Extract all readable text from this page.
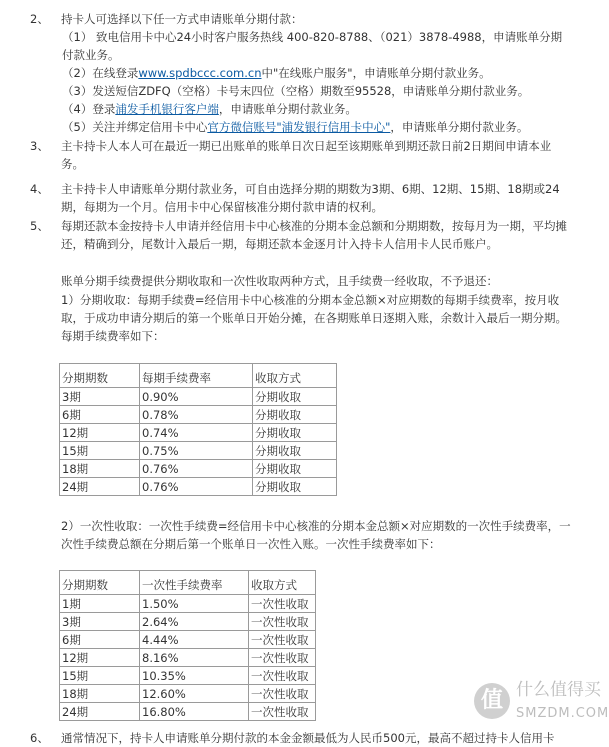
2、 持卡人可选择以下任一方式申请账单分期付款：
（1） 致电信用卡中心24小时客户服务热线 400-820-8788、（021）3878-4988，申请账单分期付款业务。
（2）在线登录www.spdbccc.com.cn中"在线账户服务"，申请账单分期付款业务。
（3）发送短信ZDFQ（空格）卡号末四位（空格）期数至95528，申请账单分期付款业务。
（4）登录浦发手机银行客户端，申请账单分期付款业务。
（5）关注并绑定信用卡中心官方微信账号"浦发银行信用卡中心"，申请账单分期付款业务。
3、 主卡持卡人本人可在最近一期已出账单的账单日次日起至该期账单到期还款日前2日期间申请本业务。
4、 主卡持卡人申请账单分期付款业务，可自由选择分期的期数为3期、6期、12期、15期、18期或24期，每期为一个月。信用卡中心保留核准分期付款申请的权利。
5、 每期还款本金按持卡人申请并经信用卡中心核准的分期本金总额和分期期数，按每月为一期，平均摊还，精确到分，尾数计入最后一期，每期还款本金逐月计入持卡人信用卡人民币账户。
账单分期手续费提供分期收取和一次性收取两种方式，且手续费一经收取，不予退还：
1）分期收取：每期手续费=经信用卡中心核准的分期本金总额×对应期数的每期手续费率，按月收取，于成功申请分期后的第一个账单日开始分摊，在各期账单日逐期入账，余数计入最后一期分期。每期手续费率如下：
分期期数	每期手续费率	收取方式
3期	0.90%	分期收取
6期	0.78%	分期收取
12期	0.74%	分期收取
15期	0.75%	分期收取
18期	0.76%	分期收取
24期	0.76%	分期收取
2）一次性收取：一次性手续费=经信用卡中心核准的分期本金总额×对应期数的一次性手续费率，一次性手续费总额在分期后第一个账单日一次性入账。一次性手续费率如下：
分期期数	一次性手续费率	收取方式
1期	1.50%	一次性收取
3期	2.64%	一次性收取
6期	4.44%	一次性收取
12期	8.16%	一次性收取
15期	10.35%	一次性收取
18期	12.60%	一次性收取
24期	16.80%	一次性收取
6、 通常情况下，持卡人申请账单分期付款的本金金额最低为人民币500元，最高不超过持卡人信用卡
值 什么值得买
SMZDM.COM
